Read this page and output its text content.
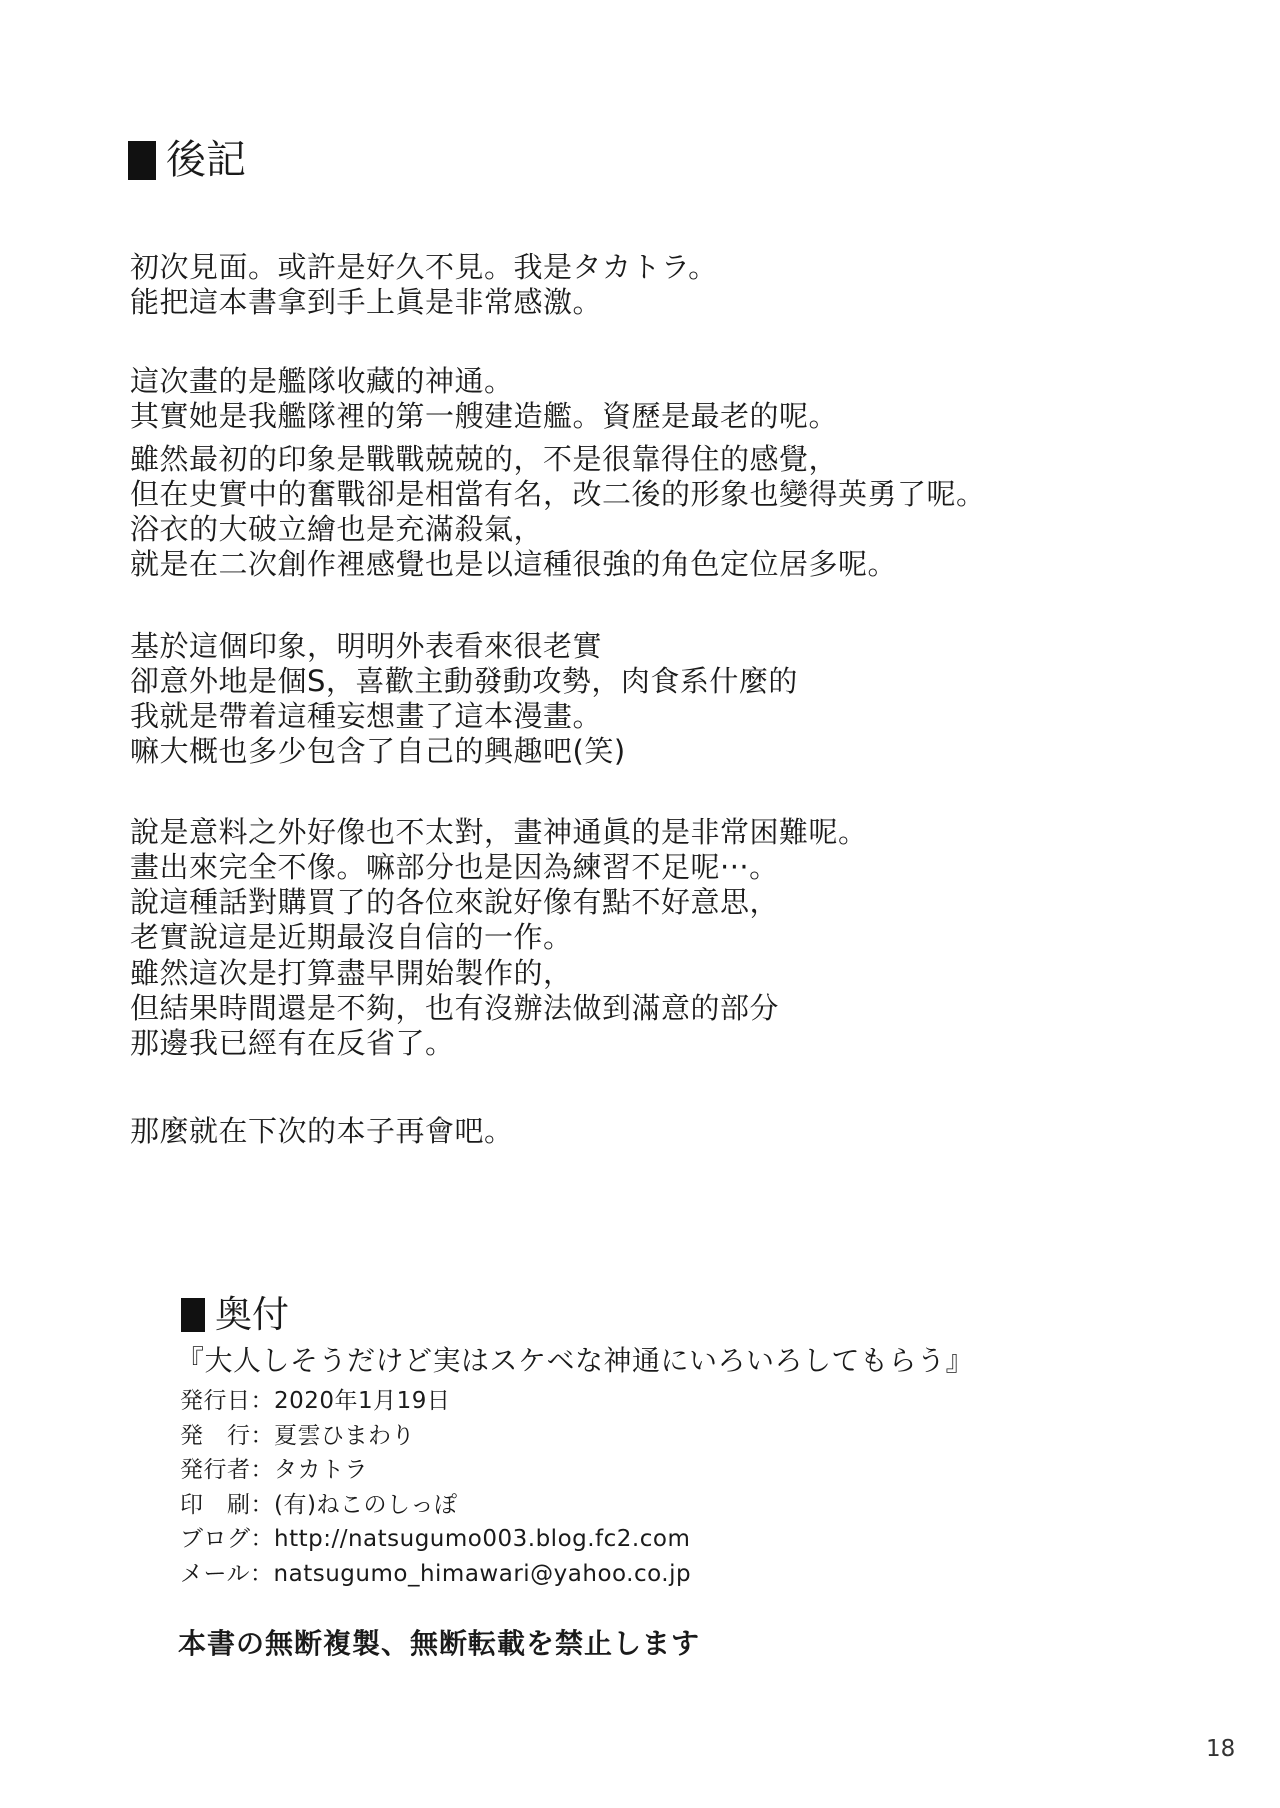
後記
初次見面。或許是好久不見。我是タカトラ。
能把這本書拿到手上眞是非常感激。
這次畫的是艦隊收藏的神通。
其實她是我艦隊裡的第一艘建造艦。資歷是最老的呢。
雖然最初的印象是戰戰兢兢的，不是很靠得住的感覺，
但在史實中的奮戰卻是相當有名，改二後的形象也變得英勇了呢。
浴衣的大破立繪也是充滿殺氣，
就是在二次創作裡感覺也是以這種很強的角色定位居多呢。
基於這個印象，明明外表看來很老實
卻意外地是個S，喜歡主動發動攻勢，肉食系什麼的
我就是帶着這種妄想畫了這本漫畫。
嘛大概也多少包含了自己的興趣吧(笑)
說是意料之外好像也不太對，畫神通眞的是非常困難呢。
畫出來完全不像。嘛部分也是因為練習不足呢···。
說這種話對購買了的各位來說好像有點不好意思，
老實說這是近期最沒自信的一作。
雖然這次是打算盡早開始製作的，
但結果時間還是不夠，也有沒辦法做到滿意的部分
那邊我已經有在反省了。
那麼就在下次的本子再會吧。
奥付
『大人しそうだけど実はスケベな神通にいろいろしてもらう』
発行日：2020年1月19日
発　行：夏雲ひまわり
発行者：タカトラ
印　刷：(有)ねこのしっぽ
ブログ：http://natsugumo003.blog.fc2.com
メール：natsugumo_himawari@yahoo.co.jp
本書の無断複製、無断転載を禁止します
18
